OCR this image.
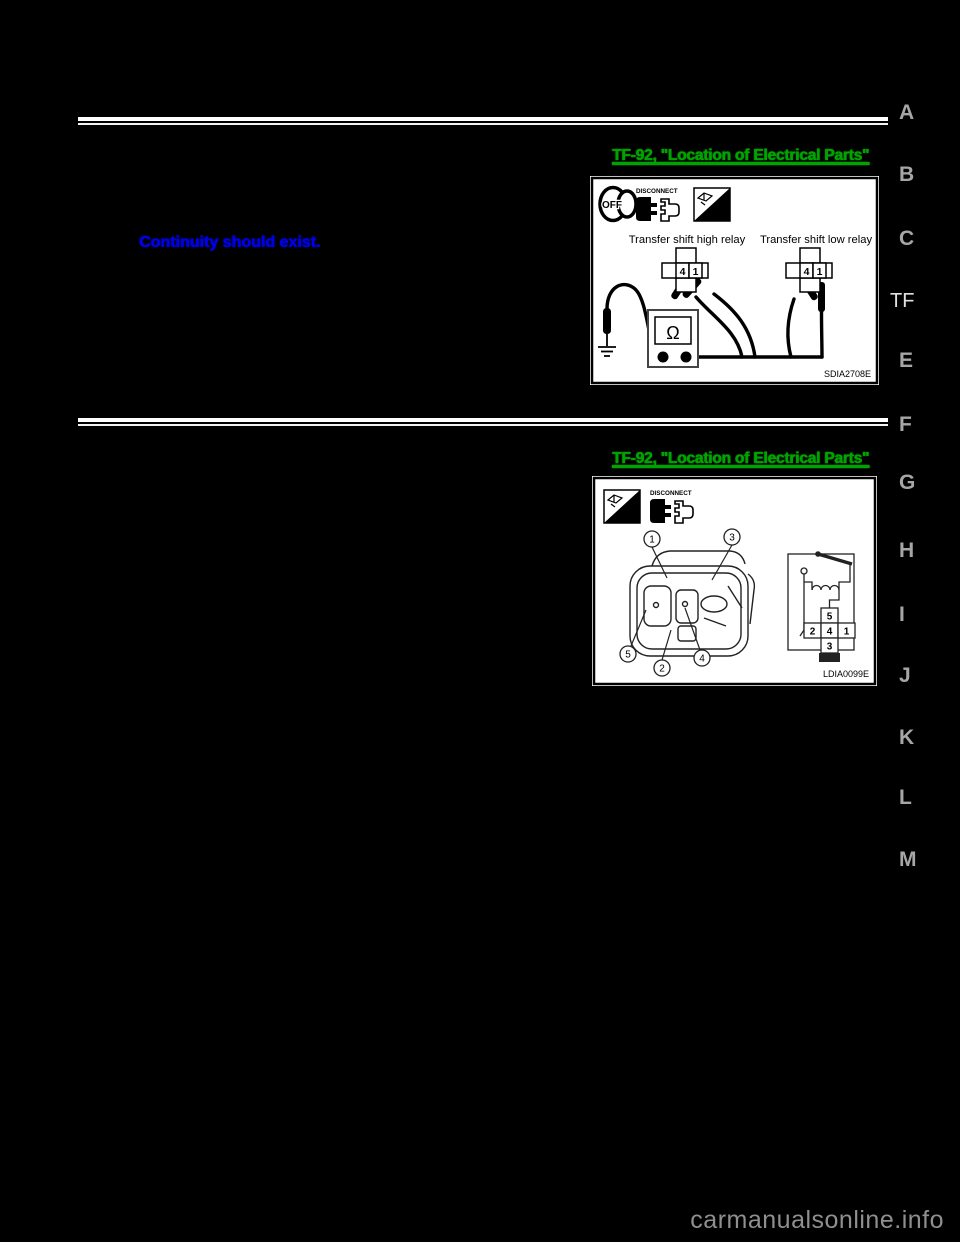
TF-92, "Location of Electrical Parts"
Continuity should exist.
OFF
DISCONNECT
T.S.
Transfer shift high relay Transfer shift low relay
4 1	4 1
Ω
SDIA2708E
TF-92, "Location of Electrical Parts"
T.S.
DISCONNECT
1	3
5
2
4
5
2 4 1
3
LDIA0099E
A
B
C
TF
E
F
G
H
I
J
K
L
M
carmanualsonline.info
